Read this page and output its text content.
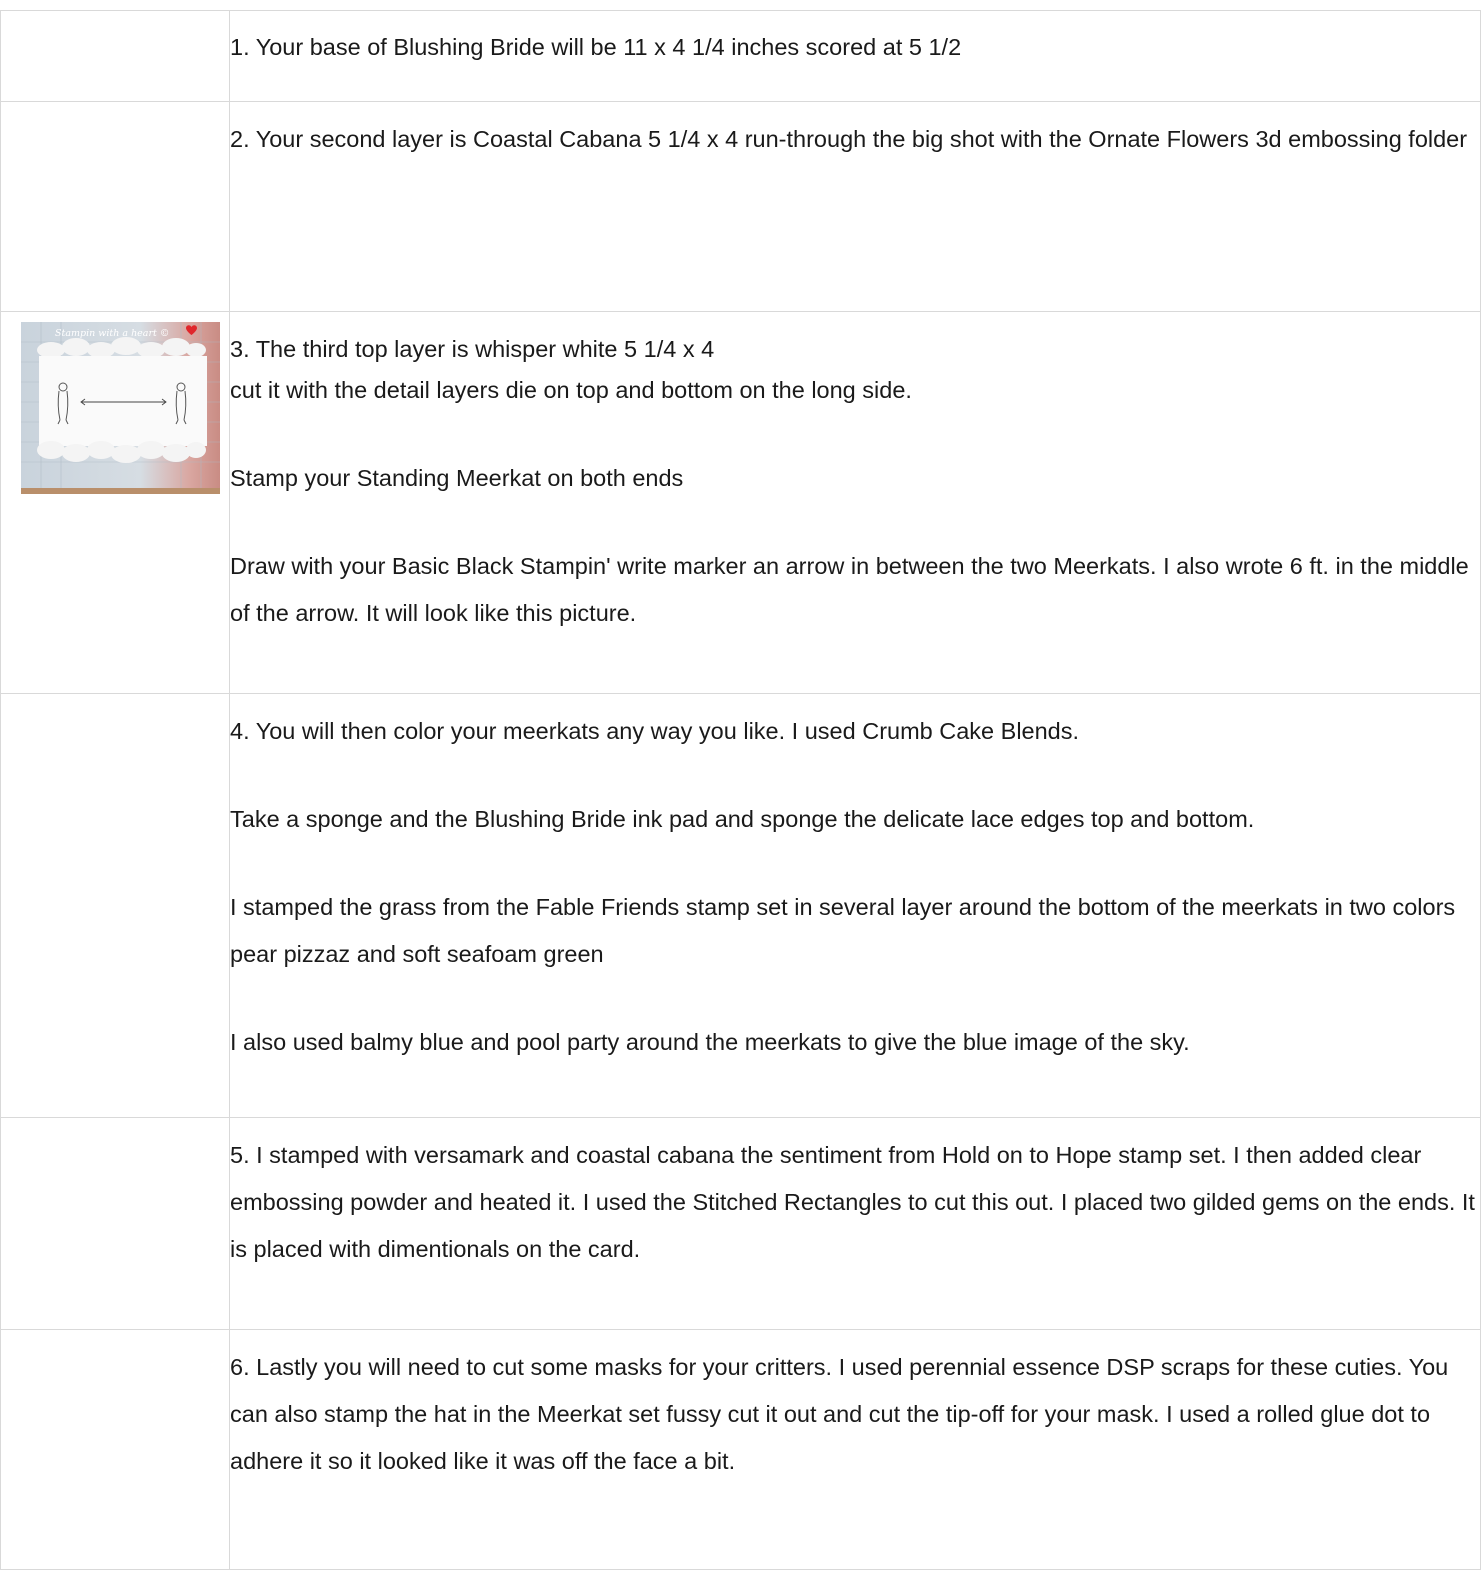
	1. Your base of Blushing Bride will be 11 x 4 1/4 inches scored at 5 1/2

	2. Your second layer is Coastal Cabana 5 1/4 x 4 run-through the big shot with the Ornate Flowers 3d embossing folder

Stampin with a heart ©	3. The third top layer is whisper white 5 1/4 x 4

cut it with the detail layers die on top and bottom on the long side.

Stamp your Standing Meerkat on both ends

Draw with your Basic Black Stampin' write marker an arrow in between the two Meerkats. I also wrote 6 ft. in the middle of the arrow. It will look like this picture.

	4. You will then color your meerkats any way you like. I used Crumb Cake Blends.

Take a sponge and the Blushing Bride ink pad and sponge the delicate lace edges top and bottom.

I stamped the grass from the Fable Friends stamp set in several layer around the bottom of the meerkats in two colors pear pizzaz and soft seafoam green

I also used balmy blue and pool party around the meerkats to give the blue image of the sky.

	5. I stamped with versamark and coastal cabana the sentiment from Hold on to Hope stamp set. I then added clear embossing powder and heated it. I used the Stitched Rectangles to cut this out. I placed two gilded gems on the ends. It is placed with dimentionals on the card.

	6. Lastly you will need to cut some masks for your critters. I used perennial essence DSP scraps for these cuties. You can also stamp the hat in the Meerkat set fussy cut it out and cut the tip-off for your mask. I used a rolled glue dot to adhere it so it looked like it was off the face a bit.
